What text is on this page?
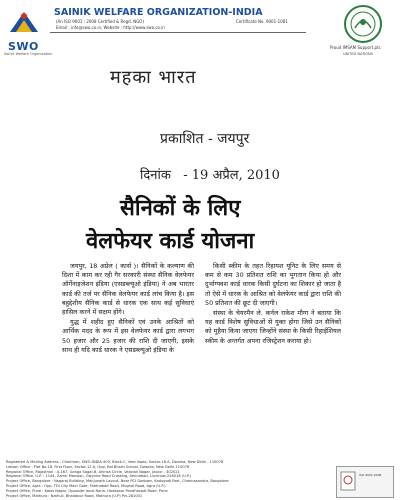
SWO
Sainik Welfare Organization
SAINIK WELFARE ORGANIZATION-INDIA
(An ISO 9001 : 2008 Certified & Regd. NGO)	Certificate No. 9001-1081
Email : info@swo.co.in, Website : http://www.swo.co.in
Proud IMSAM Support.ptc
UNITED NATIONS
महका भारत
प्रकाशित - जयपुर
दिनांक   - 19 अप्रैल, 2010
सैनिकों के लिए
वेलफेयर कार्ड योजना

जयपुर, 18 अप्रेल ( कार्स )। सैनिकों के कल्याण की दिशा में काम कर रही गैर सरकारी संस्था सैनिक वेलफेयर ऑर्गेनाइजेशन इंडिया (एसडब्ल्यूओ इंडिया) ने अब भारतर कार्ड की तर्ज पर सैनिक वेलफेयर कार्ड लांच किया है। इस बहुद्देशीय सैनिक कार्ड से धारक एक साथ कई सुविधाएं हासिल करने में सक्षम होंगे।

युद्ध में शहीद हुए सैनिकों एवं उनके आश्रितों को आर्थिक मदद के रूप में इस वेलफेयर कार्ड द्वारा लगभग 50 हजार और 25 हजार की राशि दी जाएगी, इसके साथ ही यदि कार्ड धारक ने एसडब्ल्यूओ इंडिया के

किसी स्कीम के तहत रिहायश यूनिट के लिए समय से कम से कम 30 प्रतिशत राशि का भुगतान किया हो और दुर्भाग्यवश कार्ड धारक किसी दुर्घटना का शिकार हो जाता है तो ऐसे में धारक के आश्रित को वेलफेयर कार्ड द्वारा राशि की 50 प्रतिशत की छूट दी जाएगी।

संस्था के चेयरमैन ले. कर्नल राकेश मौग्ग ने बताया कि यह कार्ड विशेष सुविधाओं से युक्त होगा जिसे उन सैनिकों को मुहैया किया जाएगा जिन्होंने संस्था के किसी रिहाईशियल स्कीम के अन्तर्गत अपना रजिस्ट्रेशन कराया हो।

Registered & Mailing Address : Chairman, SWO-INDIA 409, Block-C, Veer Awas, Sector-18 A, Dwarka, New Delhi - 110078
Liaison Office : Plot No.18, First Floor, Sector-12 A, Opp. Bal Bharti School, Dwarka, New Delhi-110078
Regional Office, Rajasthan : A-167, Ganga Sagar-B, Ahinsa Circle, Vaishali Nagar, Jaipur - 302021
Regional Office, U.P. : 1144, Zamir Mansion, Gwynne Road Crossing, Aminabad, Lucknow-226018 (U.P.)
Project Office, Bangalore : Nagaraj Building, Manjunath Layout, Near PCI Godown, Kadugodi Post, Channasandra, Bangalore
Project Office, Agra : Opp. TDI City Main Gate, Fatehabad Road, Mughal Road, Agra (U.P.)
Project Office, Pune : Kalas Nagar, Opposite Janai Nana, Hadapsar Pandhavadi Road, Pune
Project Office, Mathura : Nathuli, Bhalatpur Road, Mathura (U.P) Pin-281001
ISO 9001:2008
